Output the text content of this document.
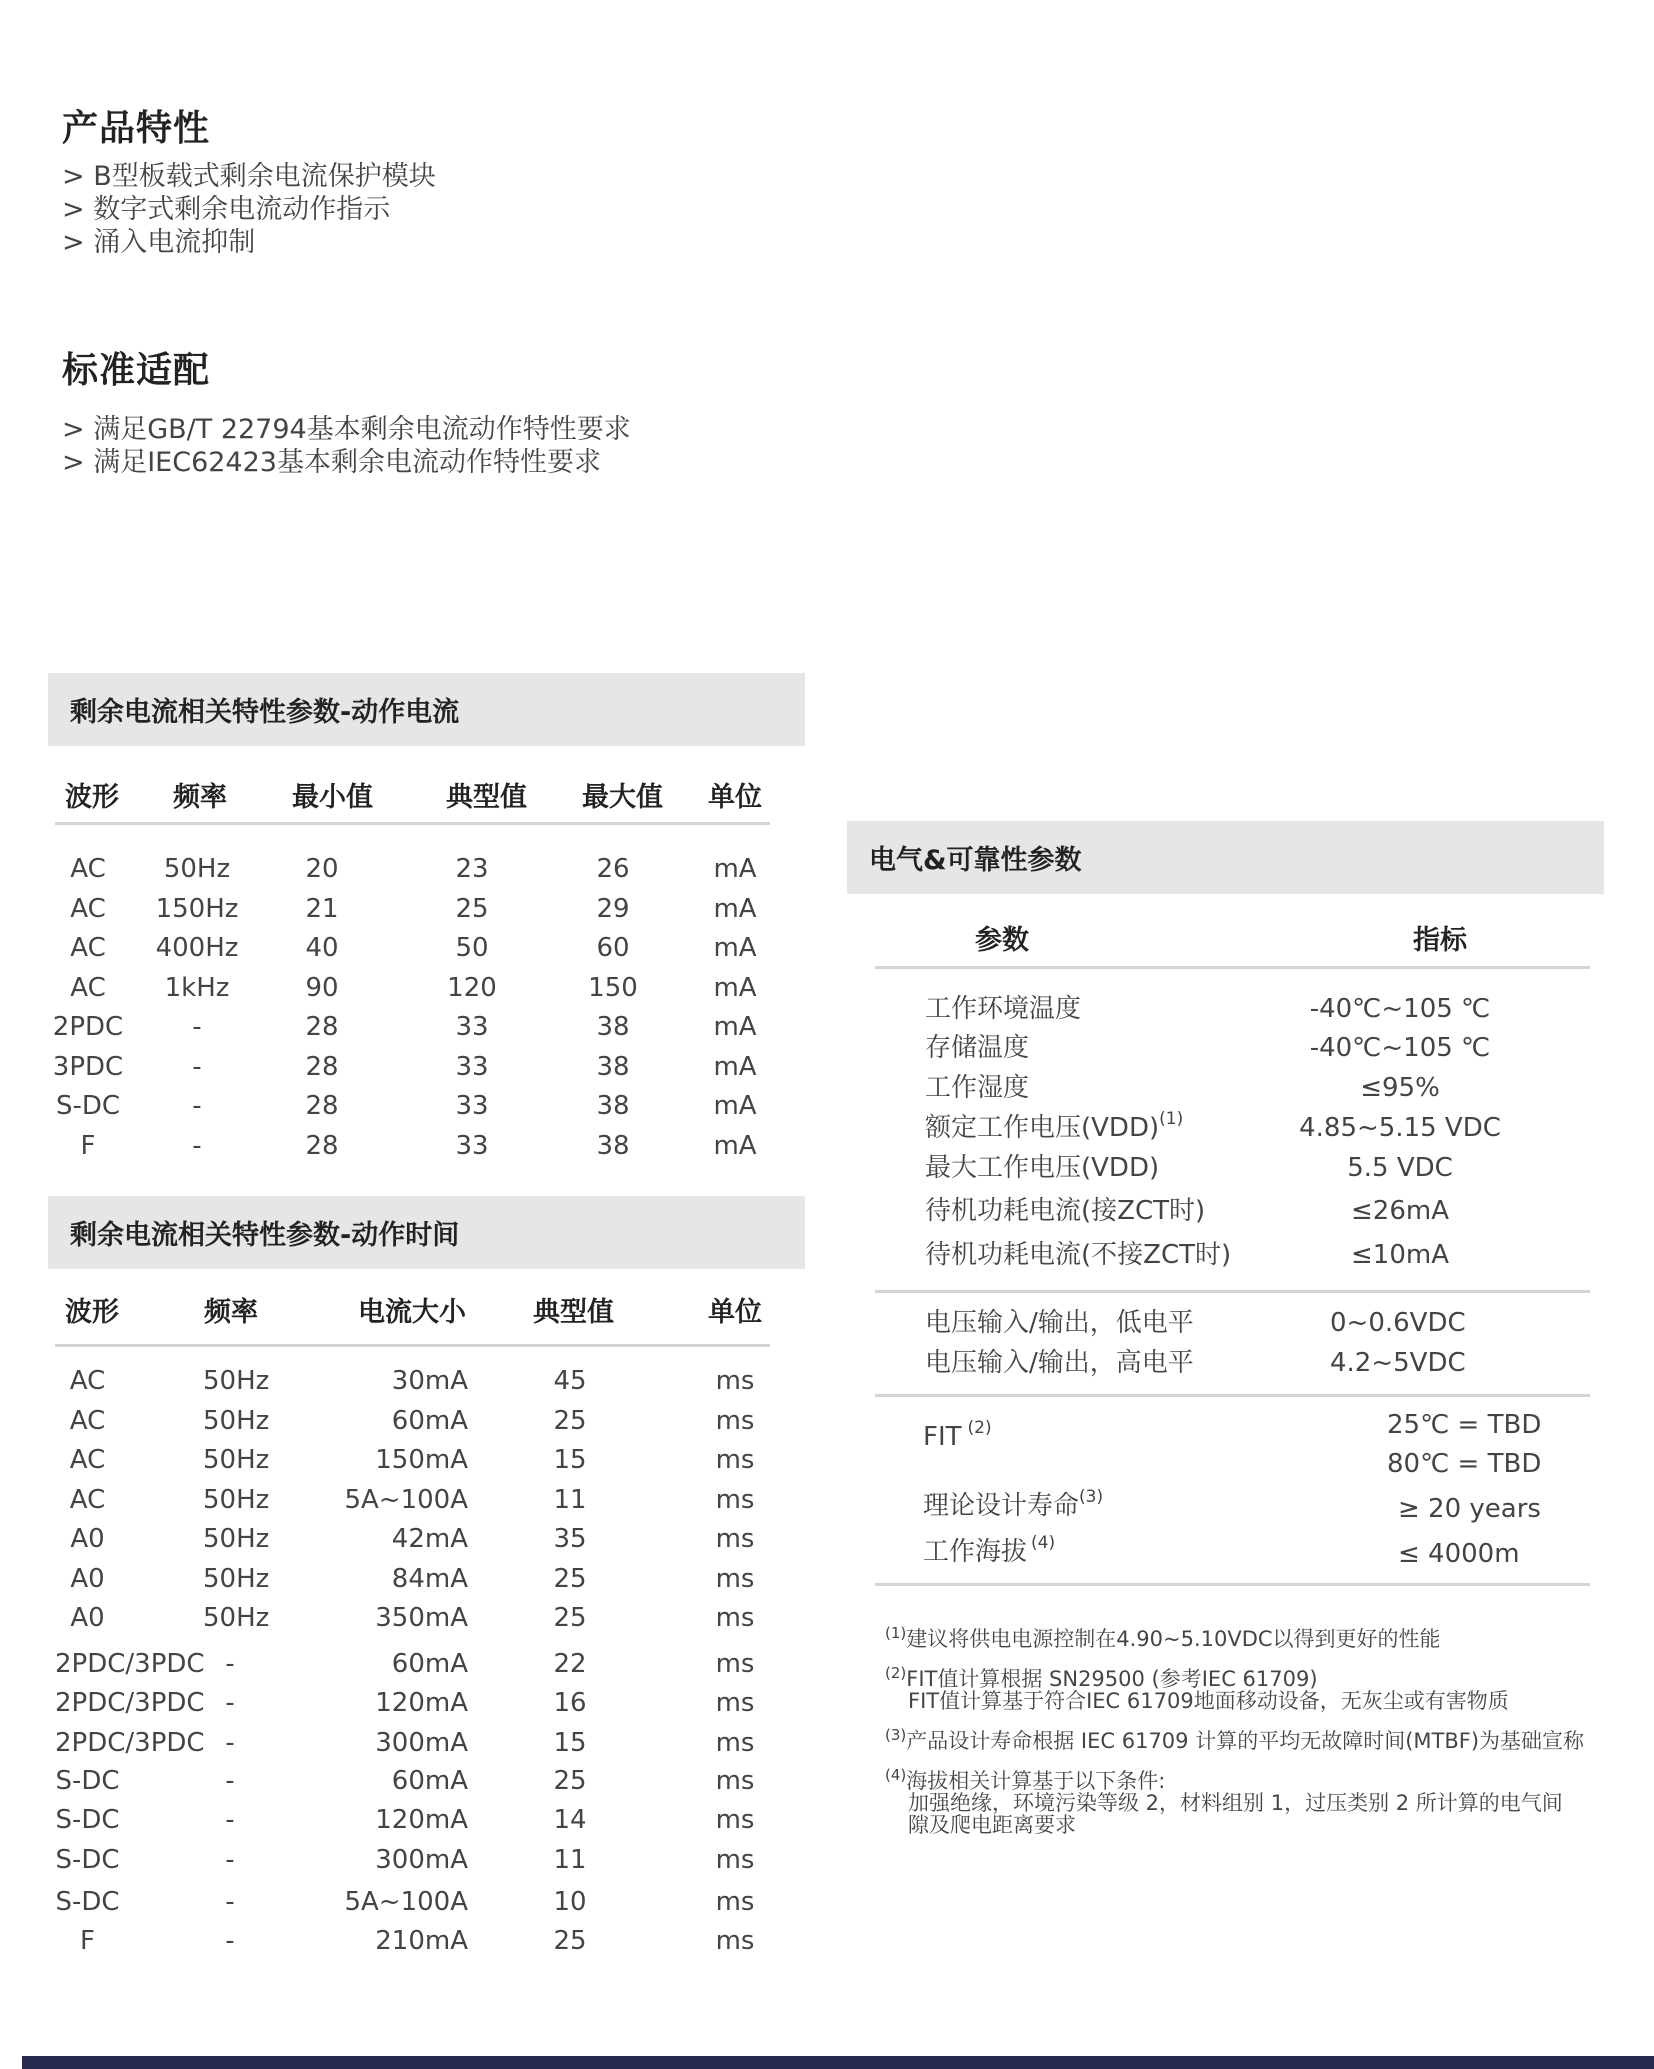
产品特性
> B型板载式剩余电流保护模块
> 数字式剩余电流动作指示
> 涌入电流抑制
标准适配
> 满足GB/T 22794基本剩余电流动作特性要求
> 满足IEC62423基本剩余电流动作特性要求
剩余电流相关特性参数-动作电流
波形 频率 最小值	典型值 最大值 单位
AC	50Hz	20	23	26	mA
AC	150Hz	21	25	29	mA
AC	400Hz	40	50	60	mA
AC	1kHz	90	120	150	mA
2PDC	-	28	33	38	mA
3PDC	-	28	33	38	mA
S-DC	-	28	33	38	mA
F	-	28	33	38	mA
剩余电流相关特性参数-动作时间
波形	频率	电流大小 典型值	单位
AC	50Hz	30mA	45	ms
AC	50Hz	60mA	25	ms
AC	50Hz	150mA	15	ms
AC	50Hz	5A~100A	11	ms
A0	50Hz	42mA	35	ms
A0	50Hz	84mA	25	ms
A0	50Hz	350mA	25	ms
2PDC/3PDC -	60mA	22	ms
2PDC/3PDC -	120mA	16	ms
2PDC/3PDC -	300mA	15	ms
S-DC	-	60mA	25	ms
S-DC	-	120mA	14	ms
S-DC	-	300mA	11	ms
S-DC	-	5A~100A	10	ms
F	-	210mA	25	ms
电气&可靠性参数
参数	指标
工作环境温度	-40℃~105 ℃
存储温度	-40℃~105 ℃
工作湿度	≤95%
额定工作电压(VDD)$^{(1)}$	4.85~5.15 VDC
最大工作电压(VDD)	5.5 VDC
待机功耗电流(接ZCT时)	≤26mA
待机功耗电流(不接ZCT时)	≤10mA
电压输入/输出，低电平	0~0.6VDC
电压输入/输出，高电平	4.2~5VDC
FIT $^{(2)}$	25℃ = TBD
80℃ = TBD
理论设计寿命$^{(3)}$	≥ 20 years
工作海拔 $^{(4)}$	≤ 4000m
$^{(1)}$建议将供电电源控制在4.90~5.10VDC以得到更好的性能
$^{(2)}$FIT值计算根据 SN29500 (参考IEC 61709)
FIT值计算基于符合IEC 61709地面移动设备，无灰尘或有害物质
$^{(3)}$产品设计寿命根据 IEC 61709 计算的平均无故障时间(MTBF)为基础宣称
$^{(4)}$海拔相关计算基于以下条件:
加强绝缘，环境污染等级 2，材料组别 1，过压类别 2 所计算的电气间
隙及爬电距离要求
